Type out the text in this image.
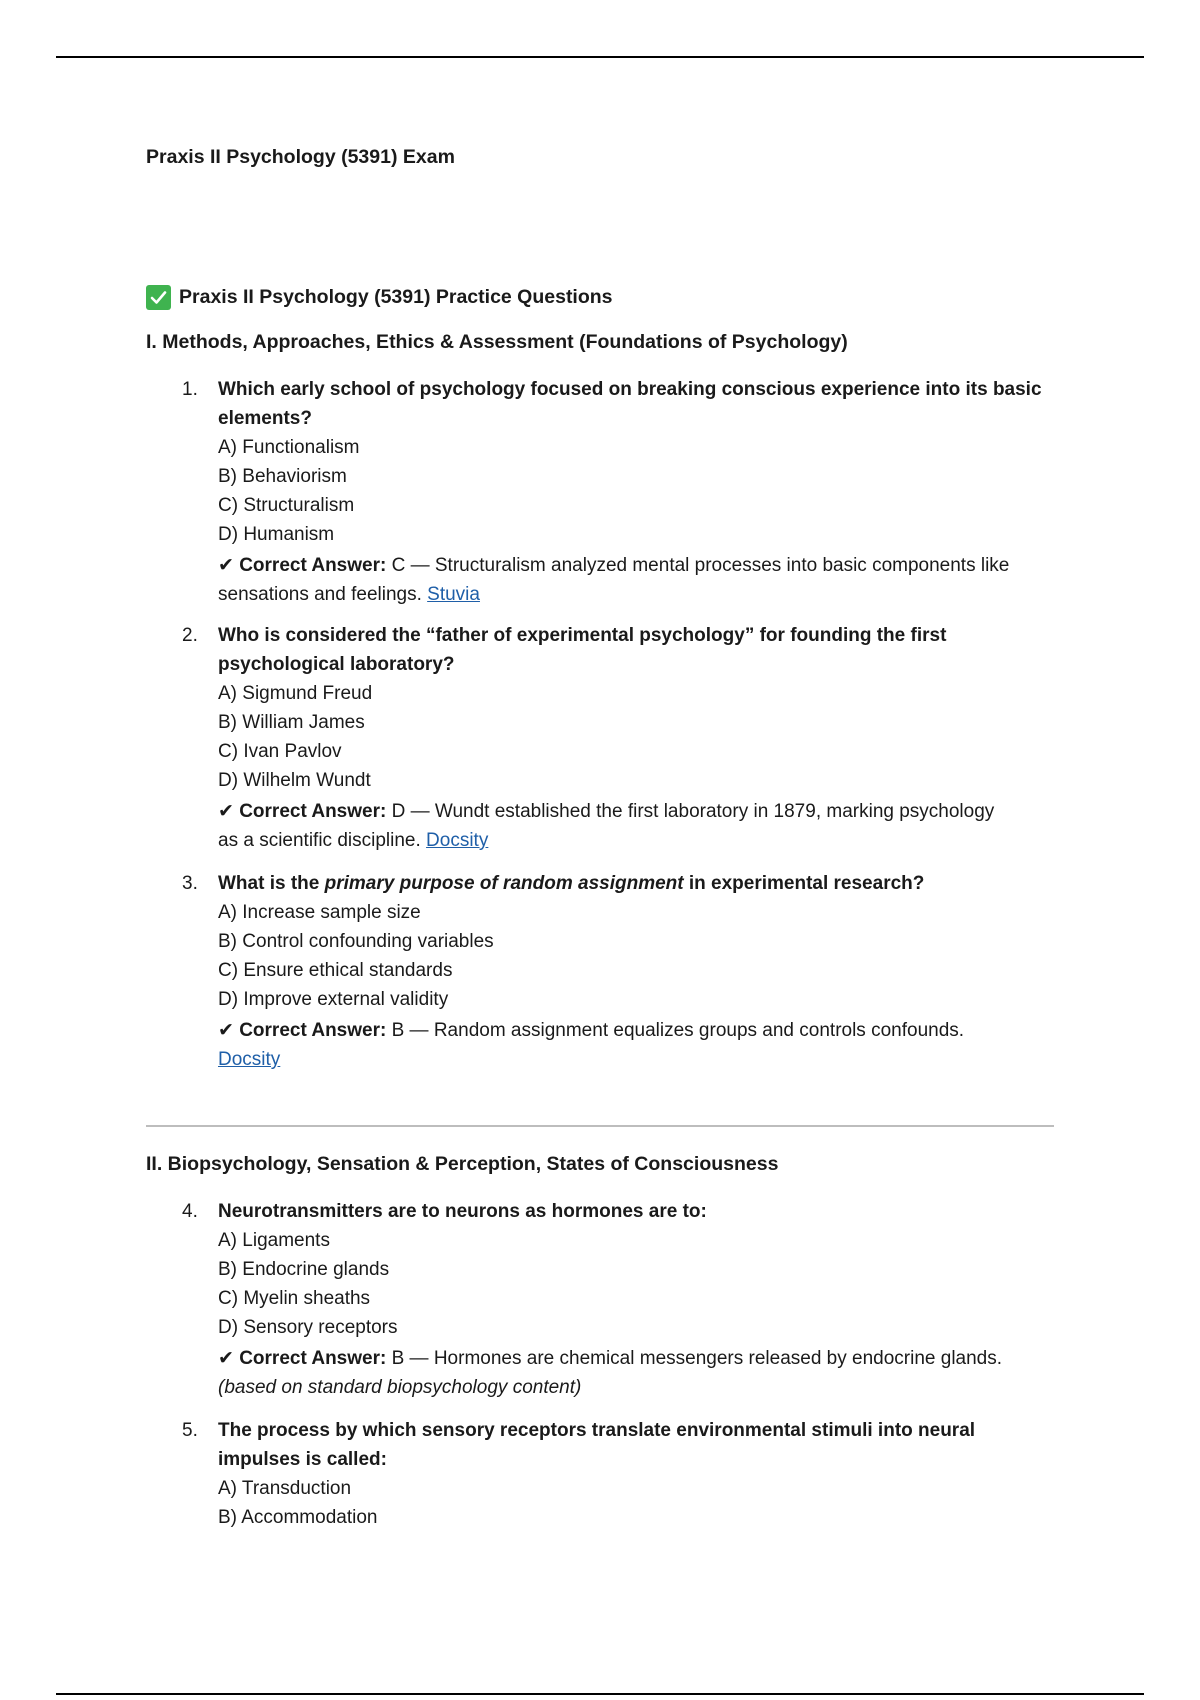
Praxis II Psychology (5391) Exam
Praxis II Psychology (5391) Practice Questions
I. Methods, Approaches, Ethics & Assessment (Foundations of Psychology)
1. Which early school of psychology focused on breaking conscious experience into its basic
elements?
A) Functionalism
B) Behaviorism
C) Structuralism
D) Humanism
✔ Correct Answer: C — Structuralism analyzed mental processes into basic components like
sensations and feelings. Stuvia
2. Who is considered the “father of experimental psychology” for founding the first
psychological laboratory?
A) Sigmund Freud
B) William James
C) Ivan Pavlov
D) Wilhelm Wundt
✔ Correct Answer: D — Wundt established the first laboratory in 1879, marking psychology
as a scientific discipline. Docsity
3. What is the primary purpose of random assignment in experimental research?
A) Increase sample size
B) Control confounding variables
C) Ensure ethical standards
D) Improve external validity
✔ Correct Answer: B — Random assignment equalizes groups and controls confounds.
Docsity
II. Biopsychology, Sensation & Perception, States of Consciousness
4. Neurotransmitters are to neurons as hormones are to:
A) Ligaments
B) Endocrine glands
C) Myelin sheaths
D) Sensory receptors
✔ Correct Answer: B — Hormones are chemical messengers released by endocrine glands.
(based on standard biopsychology content)
5. The process by which sensory receptors translate environmental stimuli into neural
impulses is called:
A) Transduction
B) Accommodation
